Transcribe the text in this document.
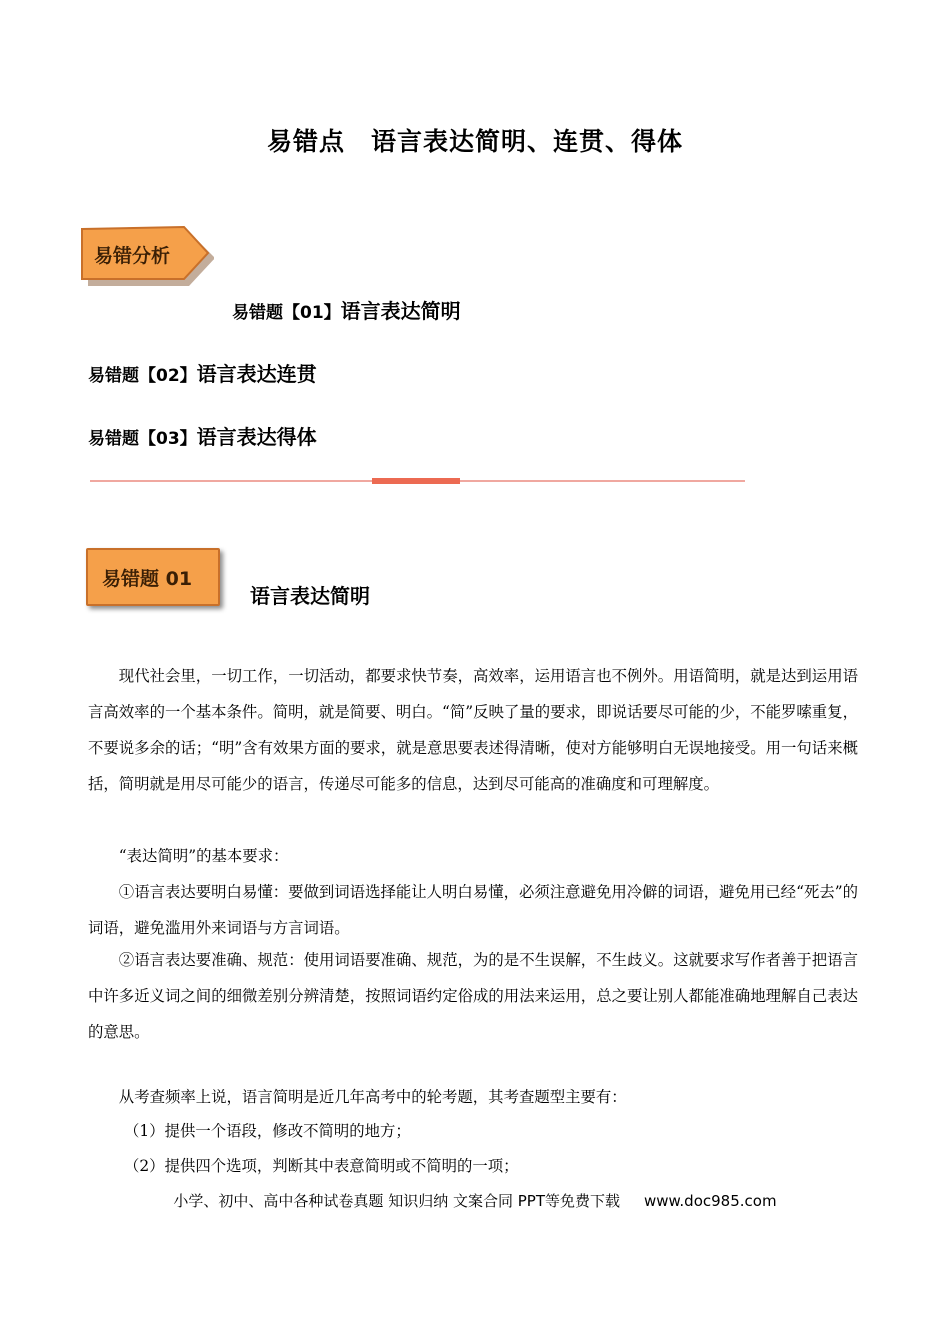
易错点 语言表达简明、连贯、得体
易错分析
易错题【01】语言表达简明
易错题【02】语言表达连贯
易错题【03】语言表达得体
易错题 01
语言表达简明
现代社会里，一切工作，一切活动，都要求快节奏，高效率，运用语言也不例外。用语简明，就是达到运用语言高效率的一个基本条件。简明，就是简要、明白。“简”反映了量的要求，即说话要尽可能的少，不能罗嗦重复，不要说多余的话；“明”含有效果方面的要求，就是意思要表述得清晰，使对方能够明白无误地接受。用一句话来概括，简明就是用尽可能少的语言，传递尽可能多的信息，达到尽可能高的准确度和可理解度。
“表达简明”的基本要求：
①语言表达要明白易懂：要做到词语选择能让人明白易懂，必须注意避免用冷僻的词语，避免用已经“死去”的词语，避免滥用外来词语与方言词语。
②语言表达要准确、规范：使用词语要准确、规范，为的是不生误解，不生歧义。这就要求写作者善于把语言中许多近义词之间的细微差别分辨清楚，按照词语约定俗成的用法来运用，总之要让别人都能准确地理解自己表达的意思。
从考查频率上说，语言简明是近几年高考中的轮考题，其考查题型主要有：
（1）提供一个语段，修改不简明的地方；
（2）提供四个选项，判断其中表意简明或不简明的一项；
小学、初中、高中各种试卷真题 知识归纳 文案合同 PPT等免费下载 www.doc985.com
